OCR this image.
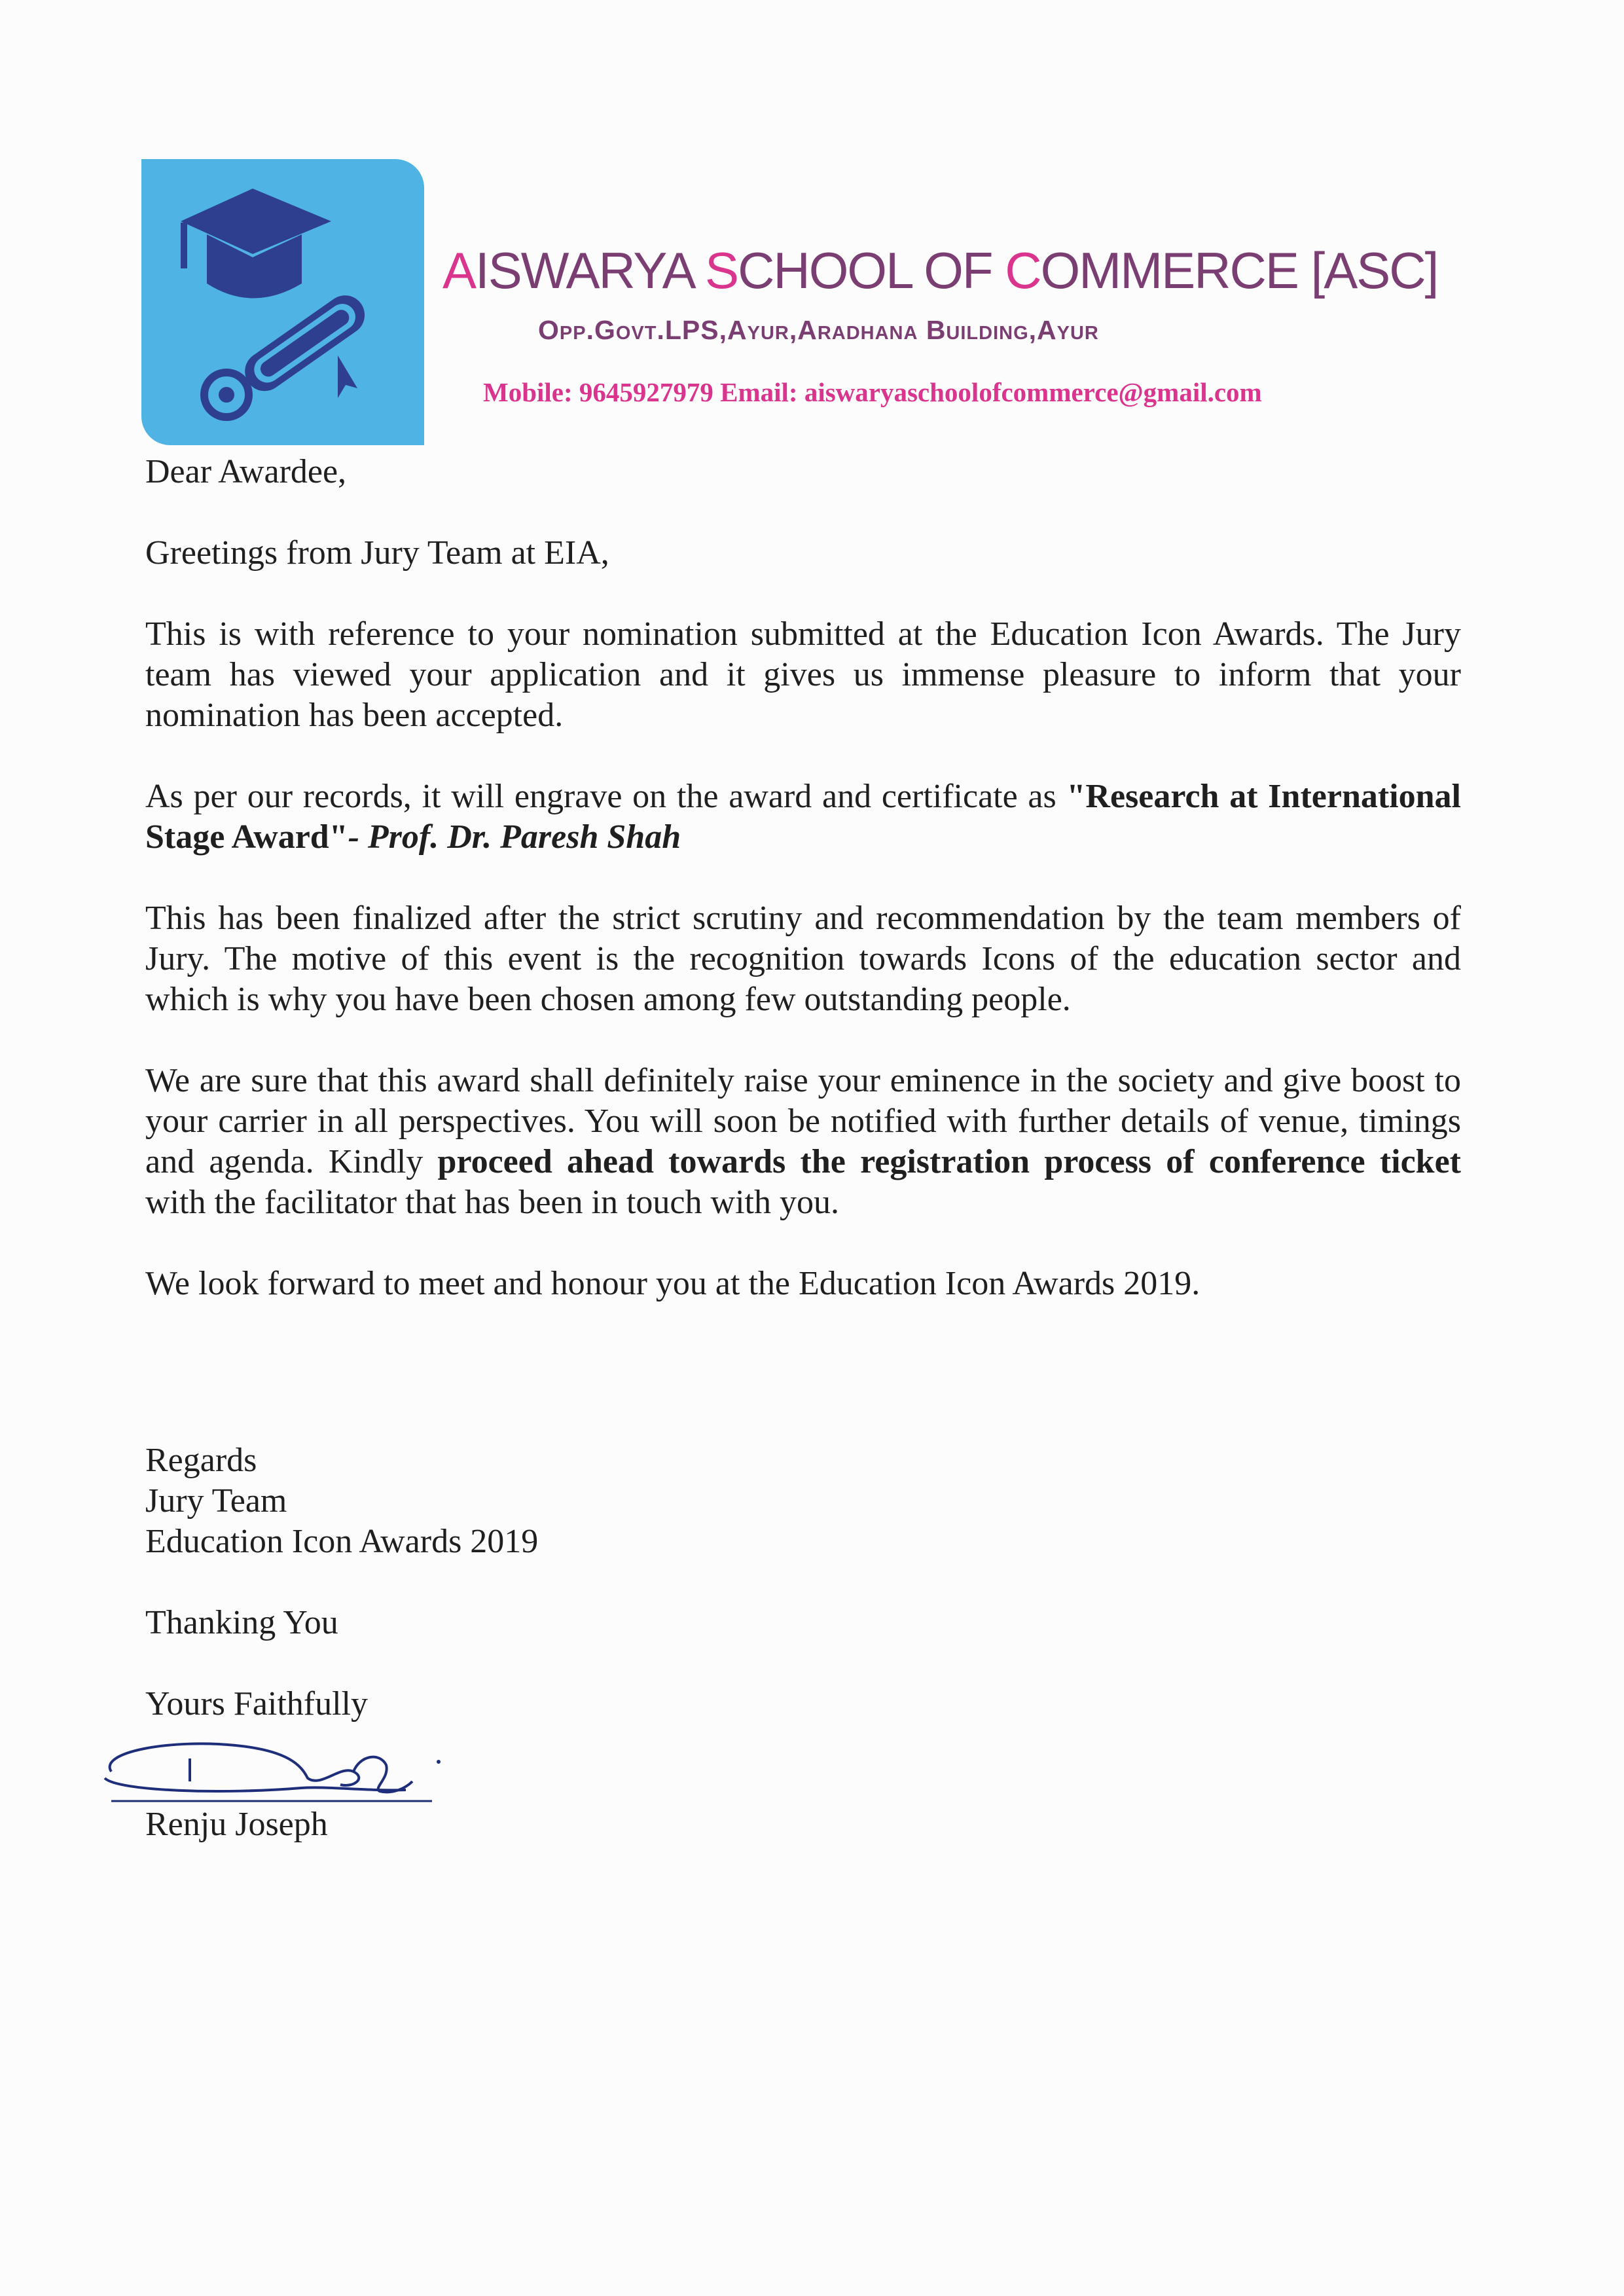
AISWARYA SCHOOL OF COMMERCE [ASC]
Opp.Govt.LPS,Ayur,Aradhana Building,Ayur
Mobile: 9645927979 Email: aiswaryaschoolofcommerce@gmail.com

Dear Awardee,

Greetings from Jury Team at EIA,

This is with reference to your nomination submitted at the Education Icon Awards. The Jury team has viewed your application and it gives us immense pleasure to inform that your nomination has been accepted.

As per our records, it will engrave on the award and certificate as "Research at International Stage Award"- Prof. Dr. Paresh Shah

This has been finalized after the strict scrutiny and recommendation by the team members of Jury. The motive of this event is the recognition towards Icons of the education sector and which is why you have been chosen among few outstanding people.

We are sure that this award shall definitely raise your eminence in the society and give boost to your carrier in all perspectives. You will soon be notified with further details of venue, timings and agenda. Kindly proceed ahead towards the registration process of conference ticket with the facilitator that has been in touch with you.

We look forward to meet and honour you at the Education Icon Awards 2019.

Regards

Jury Team

Education Icon Awards 2019

Thanking You

Yours Faithfully

Renju Joseph
